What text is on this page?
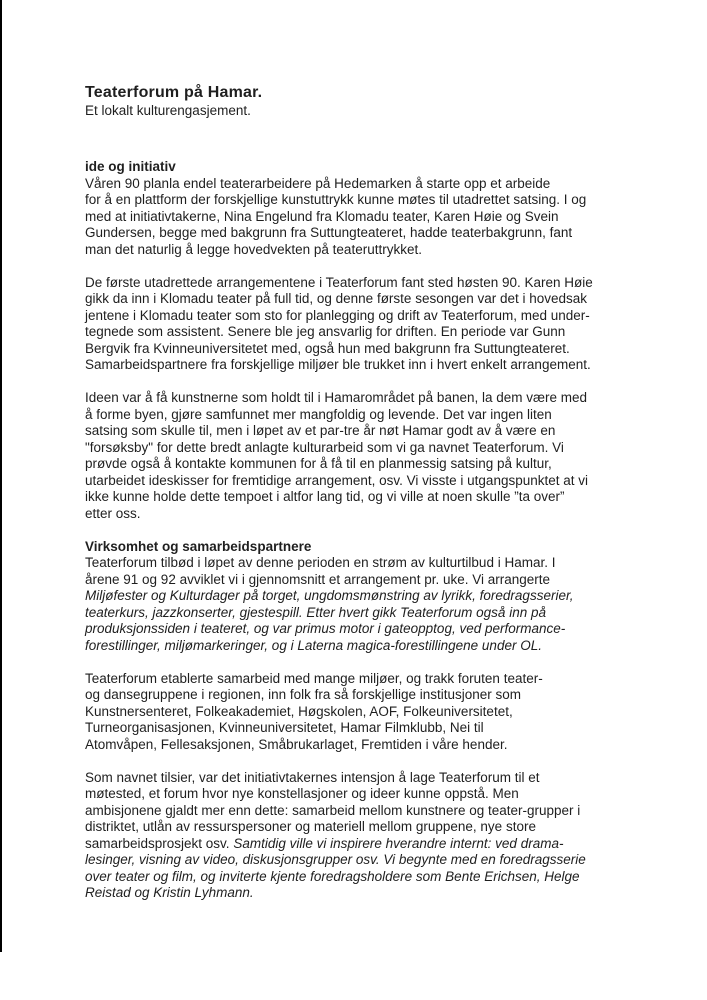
Teaterforum på Hamar.
Et lokalt kulturengasjement.
ide og initiativ

Våren 90 planla endel teaterarbeidere på Hedemarken å starte opp et arbeide
for å en plattform der forskjellige kunstuttrykk kunne møtes til utadrettet satsing. I og
med at initiativtakerne, Nina Engelund fra Klomadu teater, Karen Høie og Svein
Gundersen, begge med bakgrunn fra Suttungteateret, hadde teaterbakgrunn, fant
man det naturlig å legge hovedvekten på teateruttrykket.

De første utadrettede arrangementene i Teaterforum fant sted høsten 90. Karen Høie
gikk da inn i Klomadu teater på full tid, og denne første sesongen var det i hovedsak
jentene i Klomadu teater som sto for planlegging og drift av Teaterforum, med under-
tegnede som assistent. Senere ble jeg ansvarlig for driften. En periode var Gunn
Bergvik fra Kvinneuniversitetet med, også hun med bakgrunn fra Suttungteateret.
Samarbeidspartnere fra forskjellige miljøer ble trukket inn i hvert enkelt arrangement.

Ideen var å få kunstnerne som holdt til i Hamarområdet på banen, la dem være med
å forme byen, gjøre samfunnet mer mangfoldig og levende. Det var ingen liten
satsing som skulle til, men i løpet av et par-tre år nøt Hamar godt av å være en
"forsøksby" for dette bredt anlagte kulturarbeid som vi ga navnet Teaterforum. Vi
prøvde også å kontakte kommunen for å få til en planmessig satsing på kultur,
utarbeidet ideskisser for fremtidige arrangement, osv. Vi visste i utgangspunktet at vi
ikke kunne holde dette tempoet i altfor lang tid, og vi ville at noen skulle ”ta over”
etter oss.

Virksomhet og samarbeidspartnere

Teaterforum tilbød i løpet av denne perioden en strøm av kulturtilbud i Hamar. I
årene 91 og 92 avviklet vi i gjennomsnitt et arrangement pr. uke. Vi arrangerte
Miljøfester og Kulturdager på torget, ungdomsmønstring av lyrikk, foredragsserier,
teaterkurs, jazzkonserter, gjestespill. Etter hvert gikk Teaterforum også inn på
produksjonssiden i teateret, og var primus motor i gateopptog, ved performance-
forestillinger, miljømarkeringer, og i Laterna magica-forestillingene under OL.

Teaterforum etablerte samarbeid med mange miljøer, og trakk foruten teater-
og dansegruppene i regionen, inn folk fra så forskjellige institusjoner som
Kunstnersenteret, Folkeakademiet, Høgskolen, AOF, Folkeuniversitetet,
Turneorganisasjonen, Kvinneuniversitetet, Hamar Filmklubb, Nei til
Atomvåpen, Fellesaksjonen, Småbrukarlaget, Fremtiden i våre hender.

Som navnet tilsier, var det initiativtakernes intensjon å lage Teaterforum til et
møtested, et forum hvor nye konstellasjoner og ideer kunne oppstå. Men
ambisjonene gjaldt mer enn dette: samarbeid mellom kunstnere og teater-grupper i
distriktet, utlån av ressurspersoner og materiell mellom gruppene, nye store
samarbeidsprosjekt osv. Samtidig ville vi inspirere hverandre internt: ved drama-
lesinger, visning av video, diskusjonsgrupper osv. Vi begynte med en foredragsserie
over teater og film, og inviterte kjente foredragsholdere som Bente Erichsen, Helge
Reistad og Kristin Lyhmann.
